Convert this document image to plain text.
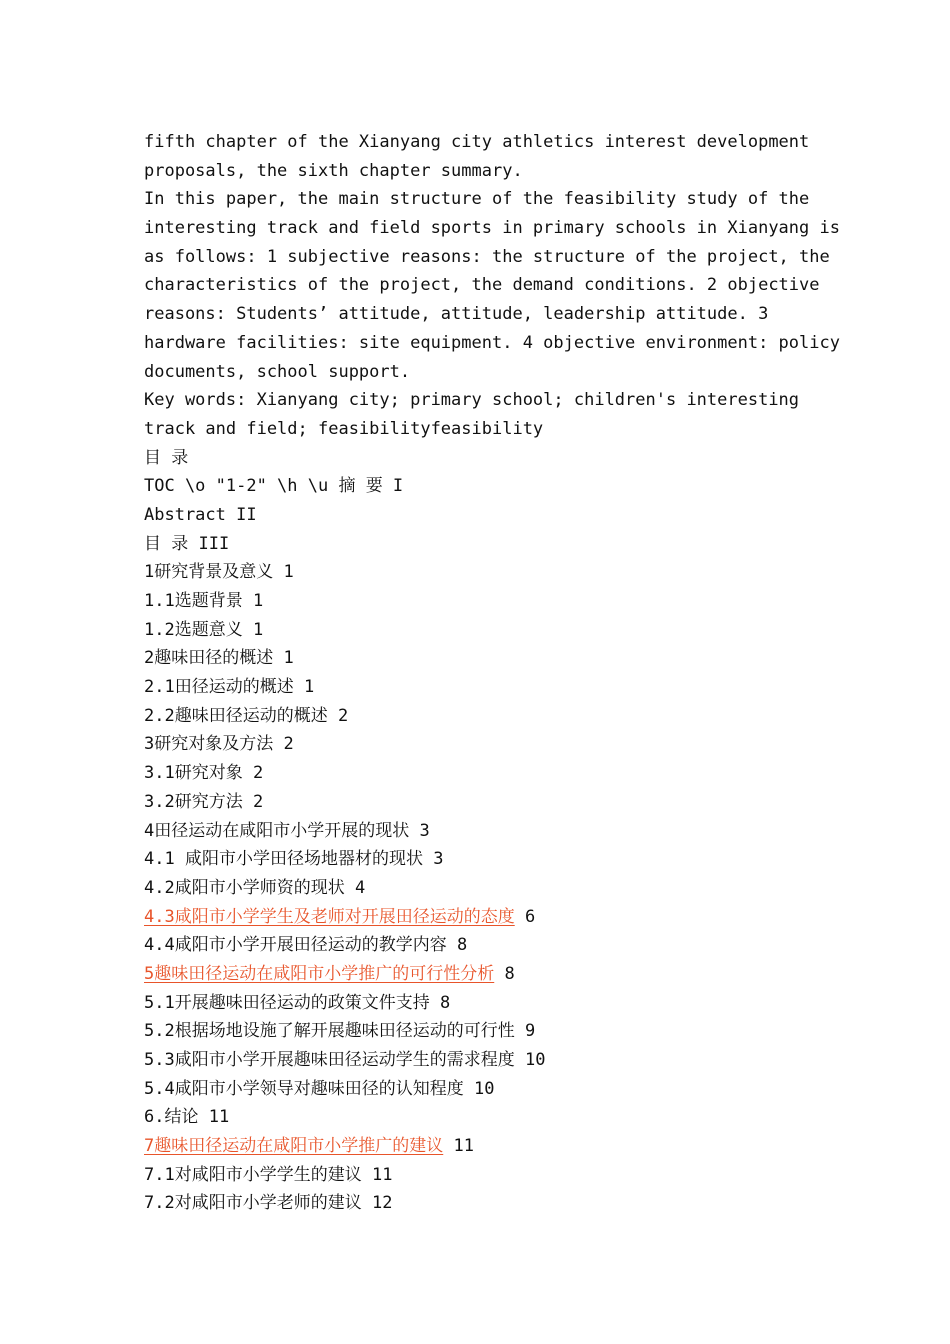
fifth chapter of the Xianyang city athletics interest development
proposals, the sixth chapter summary.
In this paper, the main structure of the feasibility study of the
interesting track and field sports in primary schools in Xianyang is
as follows: 1 subjective reasons: the structure of the project, the
characteristics of the project, the demand conditions. 2 objective
reasons: Students’ attitude, attitude, leadership attitude. 3
hardware facilities: site equipment. 4 objective environment: policy
documents, school support.
Key words: Xianyang city; primary school; children's interesting
track and field; feasibilityfeasibility
目 录
TOC \o "1-2" \h \u 摘 要 I
Abstract II
目 录 III
1研究背景及意义 1
1.1选题背景 1
1.2选题意义 1
2趣味田径的概述 1
2.1田径运动的概述 1
2.2趣味田径运动的概述 2
3研究对象及方法 2
3.1研究对象 2
3.2研究方法 2
4田径运动在咸阳市小学开展的现状 3
4.1 咸阳市小学田径场地器材的现状 3
4.2咸阳市小学师资的现状 4
4.3咸阳市小学学生及老师对开展田径运动的态度 6
4.4咸阳市小学开展田径运动的教学内容 8
5趣味田径运动在咸阳市小学推广的可行性分析 8
5.1开展趣味田径运动的政策文件支持 8
5.2根据场地设施了解开展趣味田径运动的可行性 9
5.3咸阳市小学开展趣味田径运动学生的需求程度 10
5.4咸阳市小学领导对趣味田径的认知程度 10
6.结论 11
7趣味田径运动在咸阳市小学推广的建议 11
7.1对咸阳市小学学生的建议 11
7.2对咸阳市小学老师的建议 12
